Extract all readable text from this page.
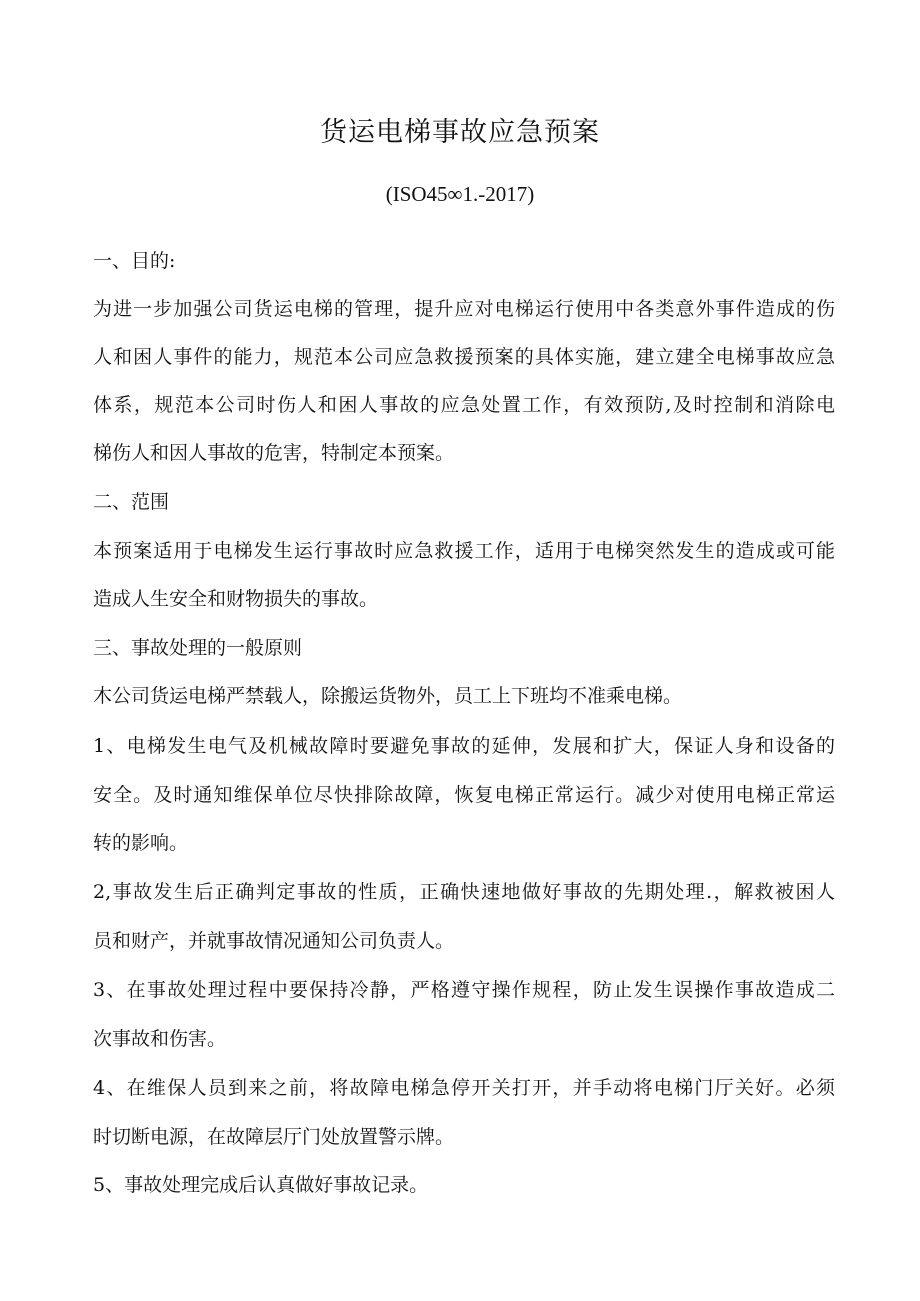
货运电梯事故应急预案
(ISO45∞1.-2017)
一、目的:
为进一步加强公司货运电梯的管理，提升应对电梯运行使用中各类意外事件造成的伤
人和困人事件的能力，规范本公司应急救援预案的具体实施，建立建全电梯事故应急
体系，规范本公司时伤人和困人事故的应急处置工作，有效预防,及时控制和消除电
梯伤人和因人事故的危害，特制定本预案。
二、范围
本预案适用于电梯发生运行事故时应急救援工作，适用于电梯突然发生的造成或可能
造成人生安全和财物损失的事故。
三、事故处理的一般原则
木公司货运电梯严禁载人，除搬运货物外，员工上下班均不准乘电梯。
1、电梯发生电气及机械故障时要避免事故的延伸，发展和扩大，保证人身和设备的
安全。及时通知维保单位尽快排除故障，恢复电梯正常运行。减少对使用电梯正常运
转的影响。
2,事故发生后正确判定事故的性质，正确快速地做好事故的先期处理.，解救被困人
员和财产，并就事故情况通知公司负责人。
3、在事故处理过程中要保持冷静，严格遵守操作规程，防止发生误操作事故造成二
次事故和伤害。
4、在维保人员到来之前，将故障电梯急停开关打开，并手动将电梯门厅关好。必须
时切断电源，在故障层厅门处放置警示牌。
5、事故处理完成后认真做好事故记录。
